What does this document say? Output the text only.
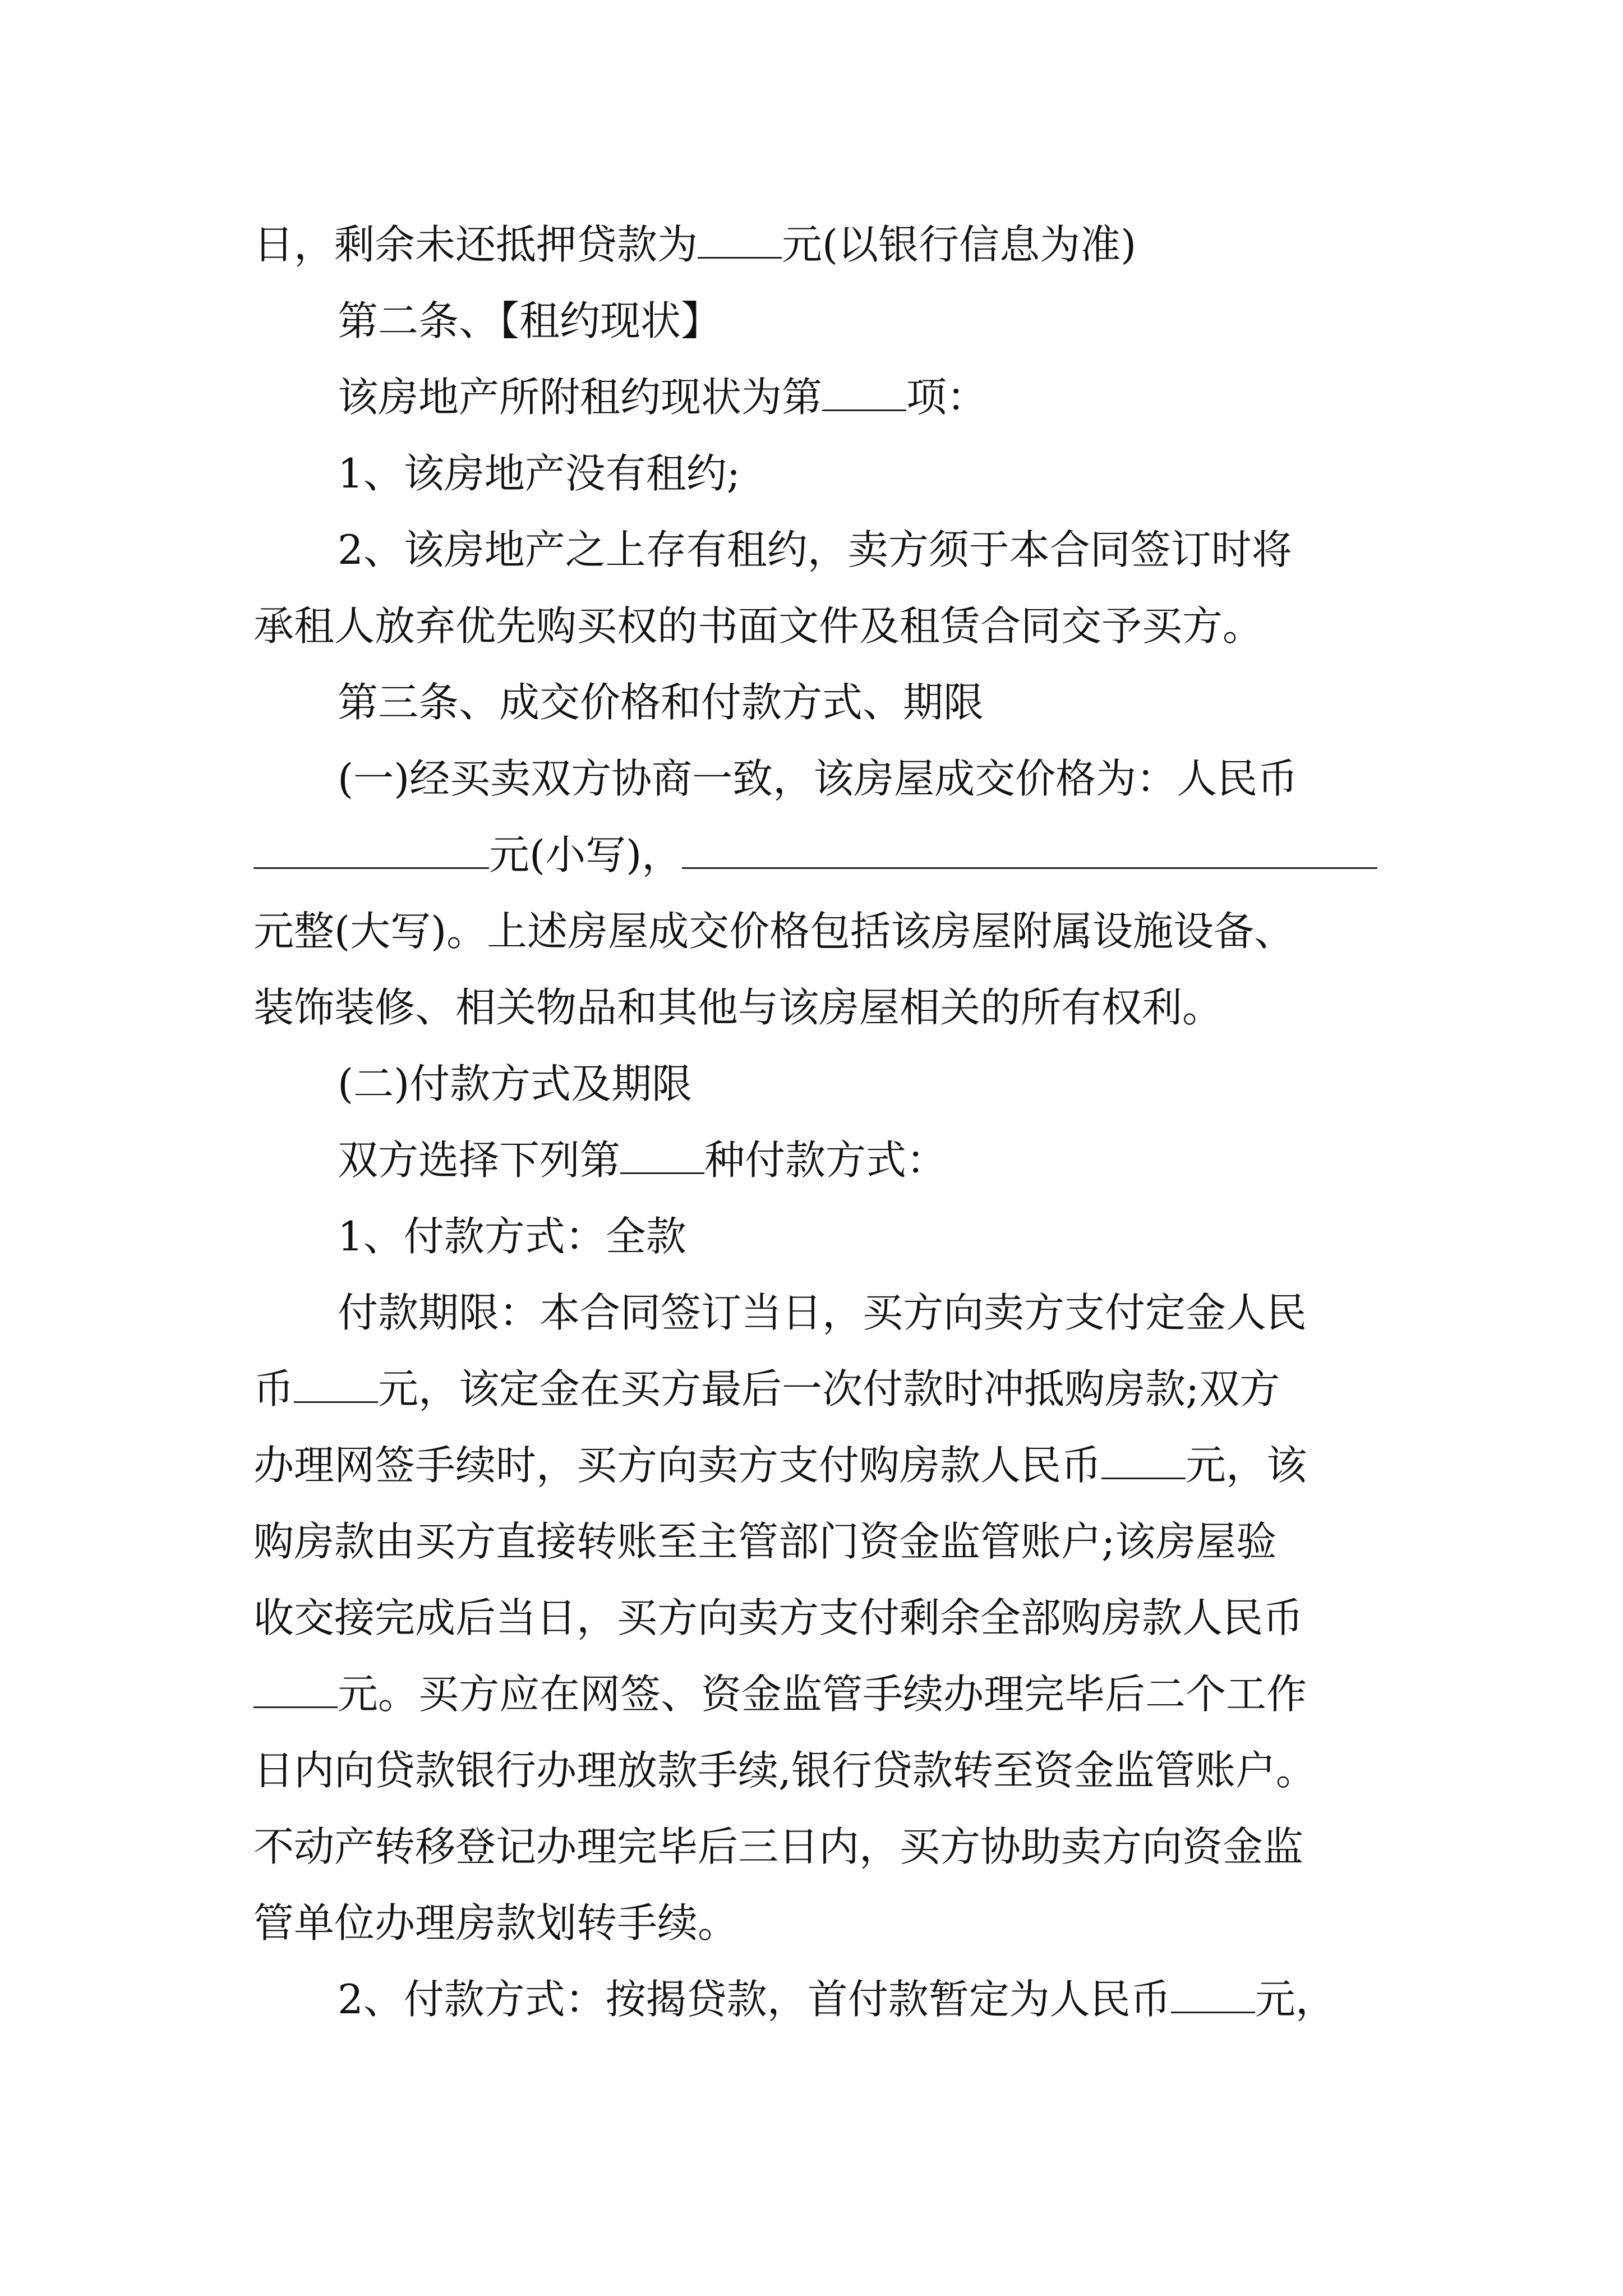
日，剩余未还抵押贷款为 元(以银行信息为准)
第二条、【租约现状】
该房地产所附租约现状为第 项：
1、该房地产没有租约;
2、该房地产之上存有租约，卖方须于本合同签订时将
承租人放弃优先购买权的书面文件及租赁合同交予买方。
第三条、成交价格和付款方式、期限
(一)经买卖双方协商一致，该房屋成交价格为：人民币
元(小写)，
元整(大写)。上述房屋成交价格包括该房屋附属设施设备、
装饰装修、相关物品和其他与该房屋相关的所有权利。
(二)付款方式及期限
双方选择下列第 种付款方式：
1、付款方式：全款
付款期限：本合同签订当日，买方向卖方支付定金人民
币 元，该定金在买方最后一次付款时冲抵购房款;双方
办理网签手续时，买方向卖方支付购房款人民币 元，该
购房款由买方直接转账至主管部门资金监管账户;该房屋验
收交接完成后当日，买方向卖方支付剩余全部购房款人民币
元。买方应在网签、资金监管手续办理完毕后二个工作
日内向贷款银行办理放款手续,银行贷款转至资金监管账户。
不动产转移登记办理完毕后三日内，买方协助卖方向资金监
管单位办理房款划转手续。
2、付款方式：按揭贷款，首付款暂定为人民币 元，
